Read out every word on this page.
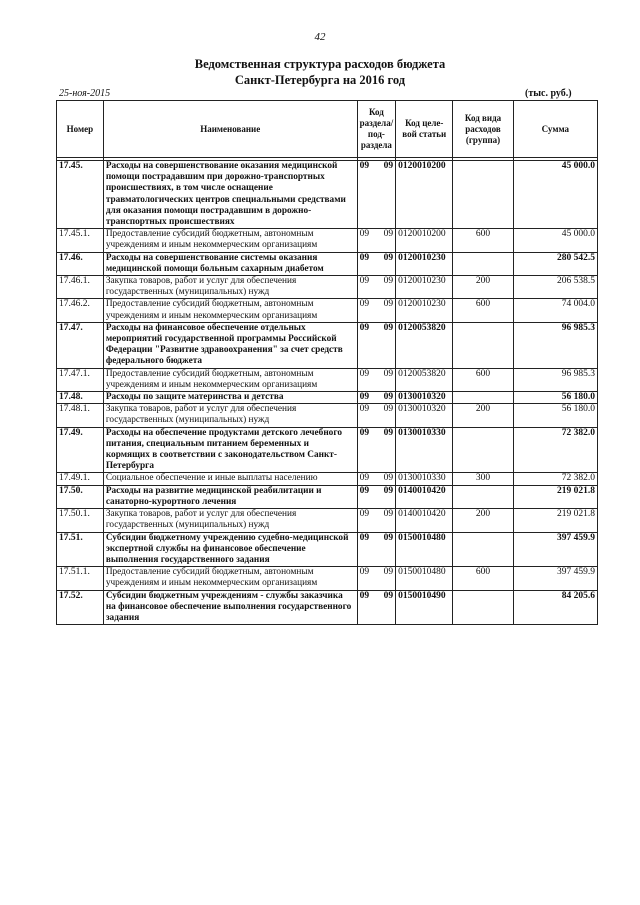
42
Ведомственная структура расходов бюджета
Санкт-Петербурга на 2016 год
25-ноя-2015	(тыс. руб.)
Номер	Наименование	Код раздела/ под-раздела	Код целе-вой статьи	Код вида расходов (группа)	Сумма

17.45.	Расходы на совершенствование оказания медицинской помощи пострадавшим при дорожно-транспортных происшествиях, в том числе оснащение травматологических центров специальными средствами для оказания помощи пострадавшим в дорожно-транспортных происшествиях	09 09	0120010200		45 000.0
17.45.1.	Предоставление субсидий бюджетным, автономным учреждениям и иным некоммерческим организациям	09 09	0120010200	600	45 000.0
17.46.	Расходы на совершенствование системы оказания медицинской помощи больным сахарным диабетом	09 09	0120010230		280 542.5
17.46.1.	Закупка товаров, работ и услуг для обеспечения государственных (муниципальных) нужд	09 09	0120010230	200	206 538.5
17.46.2.	Предоставление субсидий бюджетным, автономным учреждениям и иным некоммерческим организациям	09 09	0120010230	600	74 004.0
17.47.	Расходы на финансовое обеспечение отдельных мероприятий государственной программы Российской Федерации "Развитие здравоохранения" за счет средств федерального бюджета	09 09	0120053820		96 985.3
17.47.1.	Предоставление субсидий бюджетным, автономным учреждениям и иным некоммерческим организациям	09 09	0120053820	600	96 985.3
17.48.	Расходы по защите материнства и детства	09 09	0130010320		56 180.0
17.48.1.	Закупка товаров, работ и услуг для обеспечения государственных (муниципальных) нужд	09 09	0130010320	200	56 180.0
17.49.	Расходы на обеспечение продуктами детского лечебного питания, специальным питанием беременных и кормящих в соответствии с законодательством Санкт-Петербурга	09 09	0130010330		72 382.0
17.49.1.	Социальное обеспечение и иные выплаты населению	09 09	0130010330	300	72 382.0
17.50.	Расходы на развитие медицинской реабилитации и санаторно-курортного лечения	09 09	0140010420		219 021.8
17.50.1.	Закупка товаров, работ и услуг для обеспечения государственных (муниципальных) нужд	09 09	0140010420	200	219 021.8
17.51.	Субсидии бюджетному учреждению судебно-медицинской экспертной службы на финансовое обеспечение выполнения государственного задания	09 09	0150010480		397 459.9
17.51.1.	Предоставление субсидий бюджетным, автономным учреждениям и иным некоммерческим организациям	09 09	0150010480	600	397 459.9
17.52.	Субсидии бюджетным учреждениям - службы заказчика на финансовое обеспечение выполнения государственного задания	09 09	0150010490		84 205.6
